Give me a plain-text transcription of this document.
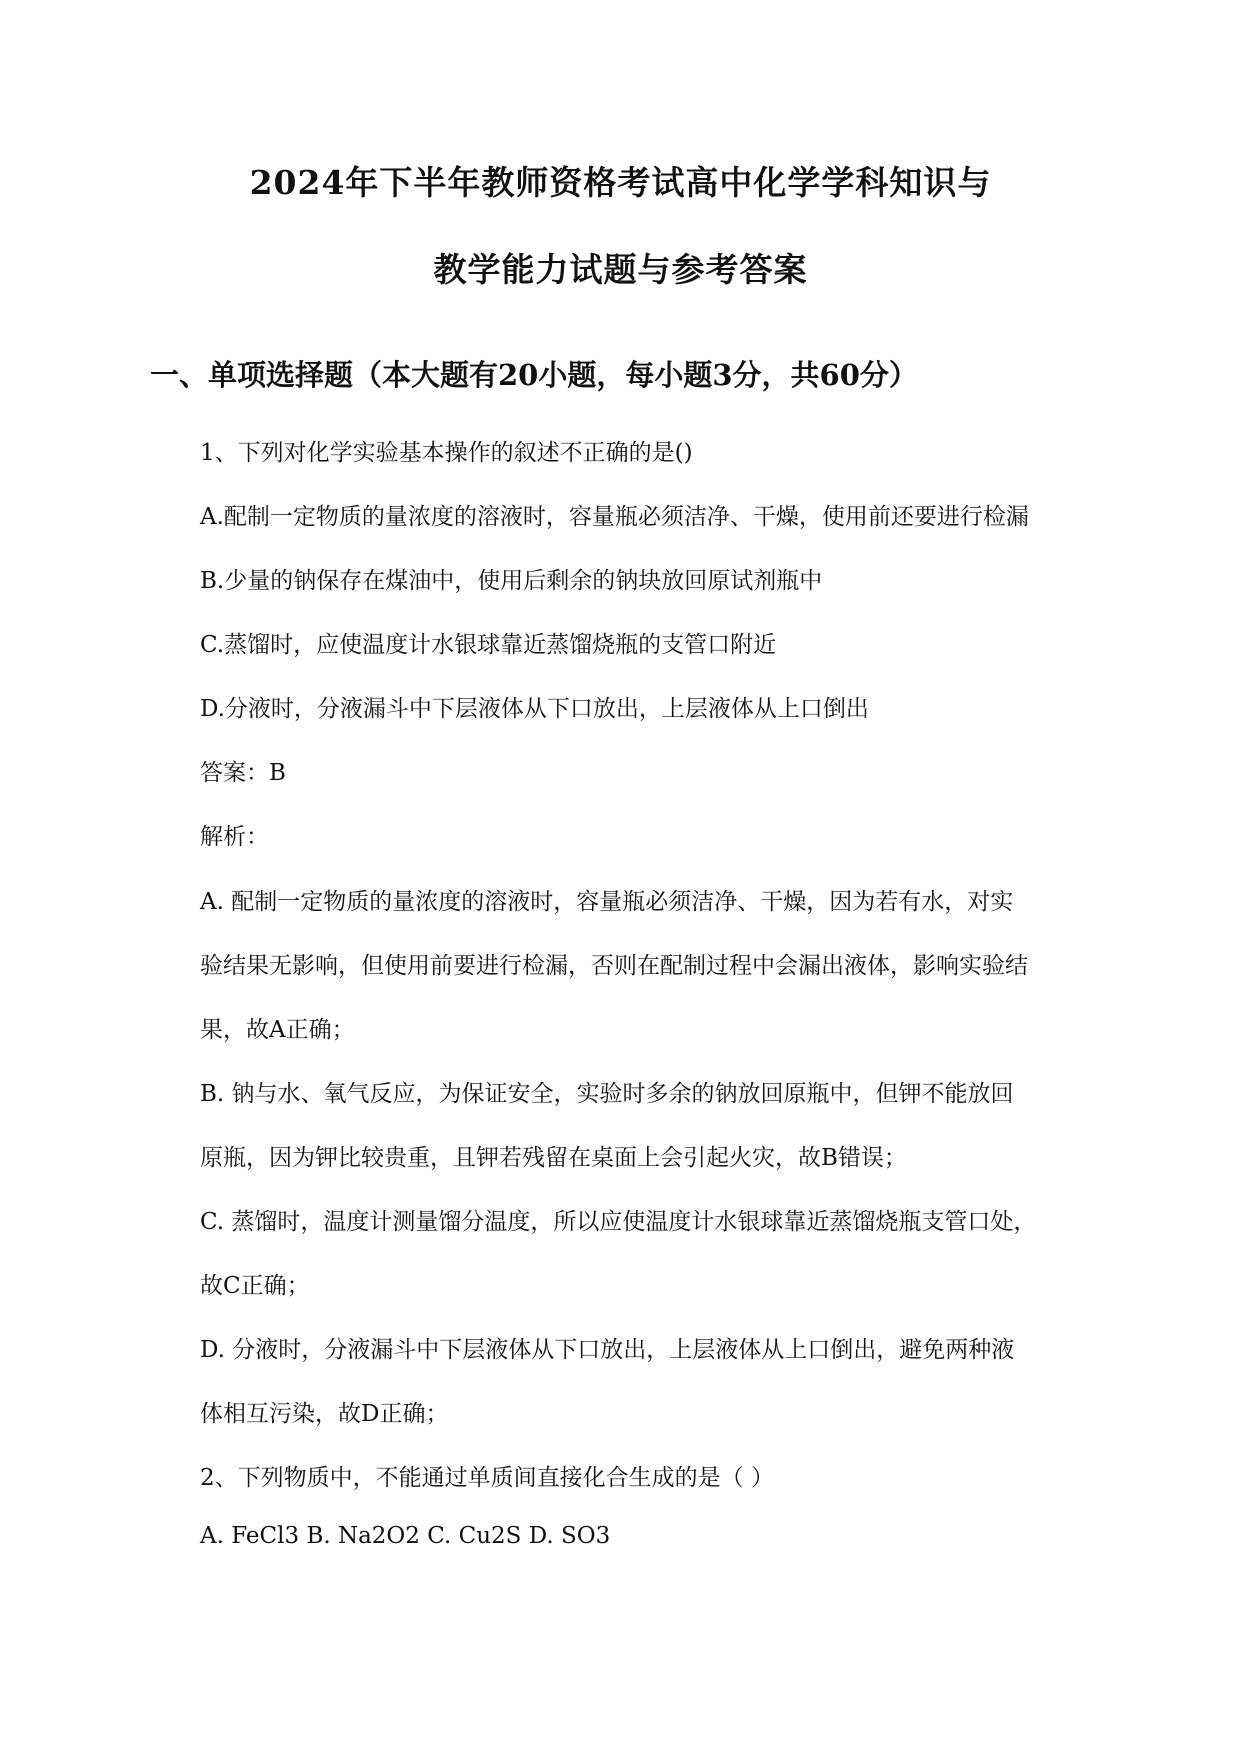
2024年下半年教师资格考试高中化学学科知识与
教学能力试题与参考答案
一、单项选择题（本大题有20小题，每小题3分，共60分）
1、下列对化学实验基本操作的叙述不正确的是()
A.配制一定物质的量浓度的溶液时，容量瓶必须洁净、干燥，使用前还要进行检漏
B.少量的钠保存在煤油中，使用后剩余的钠块放回原试剂瓶中
C.蒸馏时，应使温度计水银球靠近蒸馏烧瓶的支管口附近
D.分液时，分液漏斗中下层液体从下口放出，上层液体从上口倒出
答案：B
解析：
A. 配制一定物质的量浓度的溶液时，容量瓶必须洁净、干燥，因为若有水，对实
验结果无影响，但使用前要进行检漏，否则在配制过程中会漏出液体，影响实验结
果，故A正确；
B. 钠与水、氧气反应，为保证安全，实验时多余的钠放回原瓶中，但钾不能放回
原瓶，因为钾比较贵重，且钾若残留在桌面上会引起火灾，故B错误；
C. 蒸馏时，温度计测量馏分温度，所以应使温度计水银球靠近蒸馏烧瓶支管口处，
故C正确；
D. 分液时，分液漏斗中下层液体从下口放出，上层液体从上口倒出，避免两种液
体相互污染，故D正确；
2、下列物质中，不能通过单质间直接化合生成的是（ ）
A. FeCl3 B. Na2O2 C. Cu2S D. SO3
